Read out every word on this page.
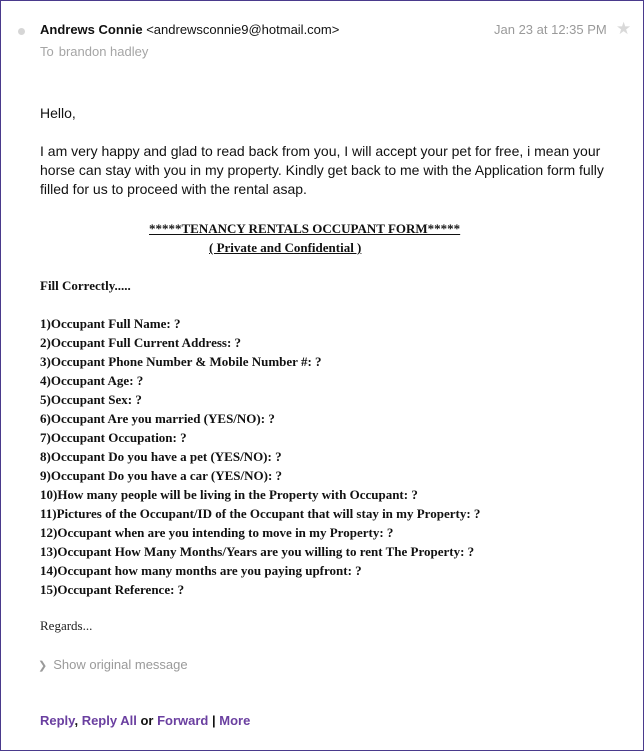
Andrews Connie <andrewsconnie9@hotmail.com>	Jan 23 at 12:35 PM ★
To brandon hadley
Hello,
I am very happy and glad to read back from you, I will accept your pet for free, i mean your horse can stay with you in my property. Kindly get back to me with the Application form fully filled for us to proceed with the rental asap.
*****TENANCY RENTALS OCCUPANT FORM*****
( Private and Confidential )
Fill Correctly.....
1)Occupant Full Name: ?
2)Occupant Full Current Address: ?
3)Occupant Phone Number & Mobile Number #: ?
4)Occupant Age: ?
5)Occupant Sex: ?
6)Occupant Are you married (YES/NO): ?
7)Occupant Occupation: ?
8)Occupant Do you have a pet (YES/NO): ?
9)Occupant Do you have a car (YES/NO): ?
10)How many people will be living in the Property with Occupant: ?
11)Pictures of the Occupant/ID of the Occupant that will stay in my Property: ?
12)Occupant when are you intending to move in my Property: ?
13)Occupant How Many Months/Years are you willing to rent The Property: ?
14)Occupant how many months are you paying upfront: ?
15)Occupant Reference: ?
Regards...
❯ Show original message
Reply, Reply All or Forward | More
